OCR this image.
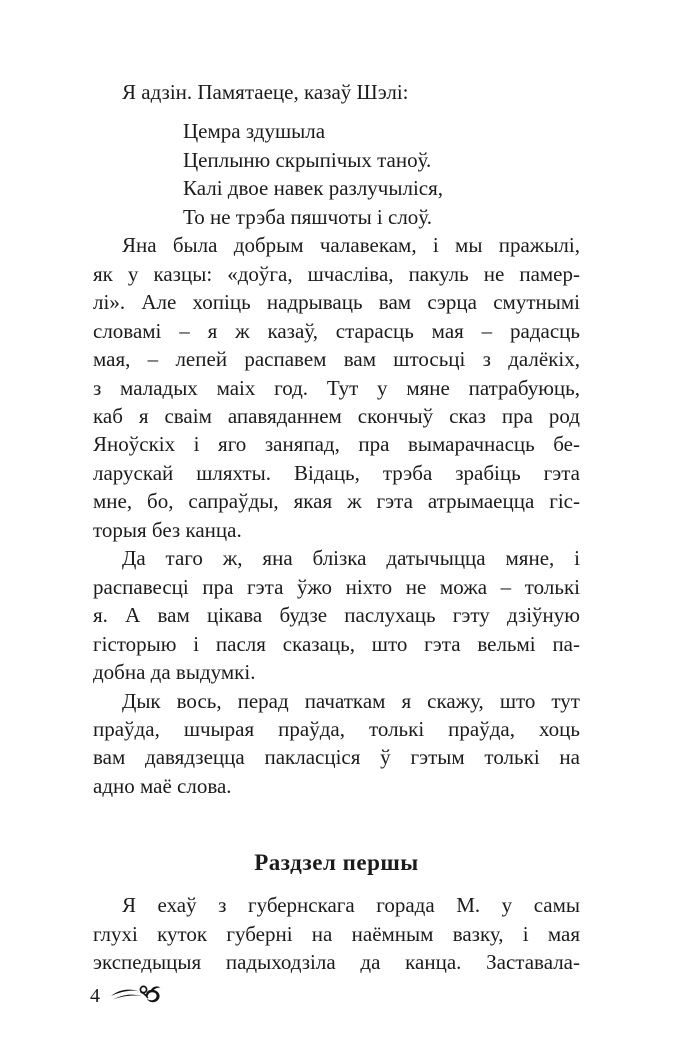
Я адзін. Памятаеце, казаў Шэлі:
Цемра здушыла
Цеплыню скрыпічых таноў.
Калі двое навек разлучыліся,
То не трэба пяшчоты і слоў.
Яна была добрым чалавекам, і мы пражылі,
як у казцы: «доўга, шчасліва, пакуль не памер-
лі». Але хопіць надрываць вам сэрца смутнымі
словамі – я ж казаў, старасць мая – радасць
мая, – лепей распавем вам штосьці з далёкіх,
з маладых маіх год. Тут у мяне патрабуюць,
каб я сваім апавяданнем скончыў сказ пра род
Яноўскіх і яго заняпад, пра вымарачнасць бе-
ларускай шляхты. Відаць, трэба зрабіць гэта
мне, бо, сапраўды, якая ж гэта атрымаецца гіс-
торыя без канца.
Да таго ж, яна блізка датычыцца мяне, і
распавесці пра гэта ўжо ніхто не можа – толькі
я. А вам цікава будзе паслухаць гэту дзіўную
гісторыю і пасля сказаць, што гэта вельмі па-
добна да выдумкі.
Дык вось, перад пачаткам я скажу, што тут
праўда, шчырая праўда, толькі праўда, хоць
вам давядзецца пакласціся ў гэтым толькі на
адно маё слова.
Раздзел першы
Я ехаў з губернскага горада М. у самы
глухі куток губерні на наёмным вазку, і мая
экспедыцыя падыходзіла да канца. Заставала-
4
